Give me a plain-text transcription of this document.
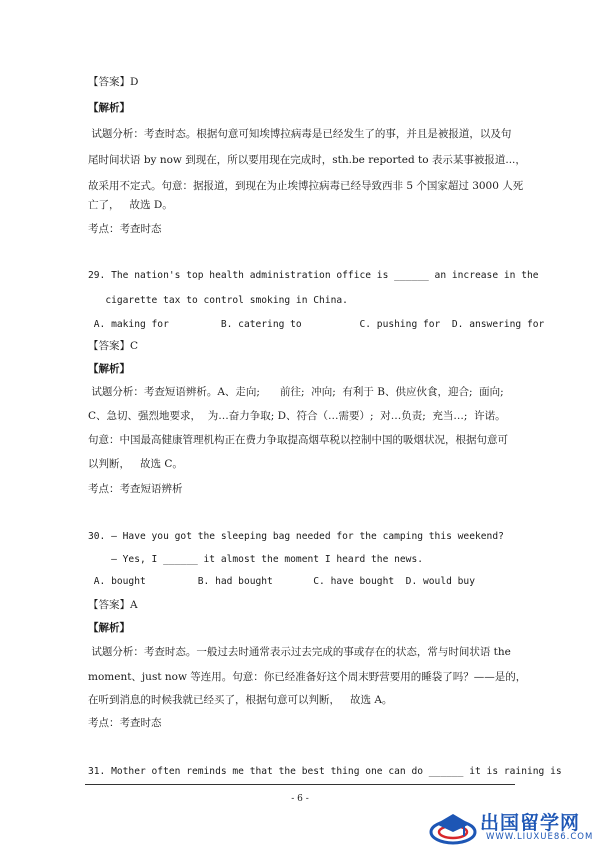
【答案】D
【解析】
试题分析：考查时态。根据句意可知埃博拉病毒是已经发生了的事，并且是被报道，以及句
尾时间状语 by now 到现在，所以要用现在完成时，sth.be reported to 表示某事被报道...，
故采用不定式。句意：据报道，到现在为止埃博拉病毒已经导致西非 5 个国家超过 3000 人死
亡了，   故选 D。
考点：考查时态
29. The nation's top health administration office is ______ an increase in the
cigarette tax to control smoking in China.
A. making for         B. catering to          C. pushing for  D. answering for
【答案】C
【解析】
试题分析：考查短语辨析。A、走向;      前往;  冲向;  有利于 B、供应伙食，迎合;  面向;
C、急切、强烈地要求，  为…奋力争取; D、符合（…需要）;  对…负责;  充当…;  许诺。
句意：中国最高健康管理机构正在费力争取提高烟草税以控制中国的吸烟状况，根据句意可
以判断，   故选 C。
考点：考查短语辨析
30. — Have you got the sleeping bag needed for the camping this weekend?
— Yes, I ______ it almost the moment I heard the news.
A. bought         B. had bought       C. have bought  D. would buy
【答案】A
【解析】
试题分析：考查时态。一般过去时通常表示过去完成的事或存在的状态，常与时间状语 the
moment、just now 等连用。句意：你已经准备好这个周末野营要用的睡袋了吗？——是的，
在听到消息的时候我就已经买了，根据句意可以判断，   故选 A。
考点：考查时态
31. Mother often reminds me that the best thing one can do ______ it is raining is
- 6 -
出国留学网
WWW.LIUXUE86.COM
